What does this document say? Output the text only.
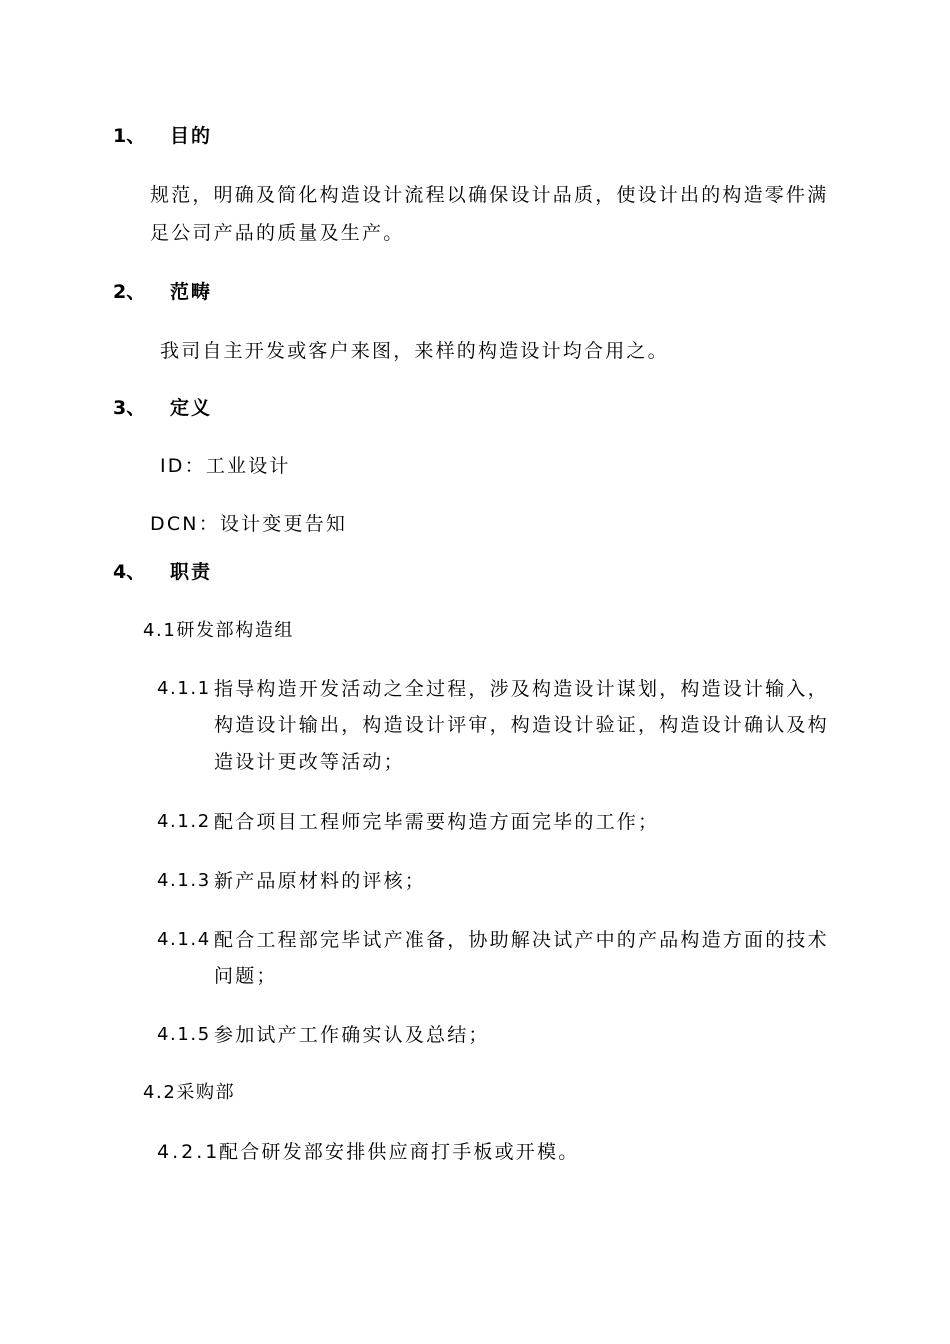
1、 目的
规范，明确及简化构造设计流程以确保设计品质，使设计出的构造零件满
足公司产品的质量及生产。
2、 范畴
我司自主开发或客户来图，来样的构造设计均合用之。
3、 定义
ID：工业设计
DCN：设计变更告知
4、 职责
4.1研发部构造组
4.1.1 指导构造开发活动之全过程，涉及构造设计谋划，构造设计输入，
构造设计输出，构造设计评审，构造设计验证，构造设计确认及构
造设计更改等活动；
4.1.2 配合项目工程师完毕需要构造方面完毕的工作；
4.1.3 新产品原材料的评核；
4.1.4 配合工程部完毕试产准备，协助解决试产中的产品构造方面的技术
问题；
4.1.5 参加试产工作确实认及总结；
4.2采购部
4.2.1
配合研发部安排供应商打手板或开模。
